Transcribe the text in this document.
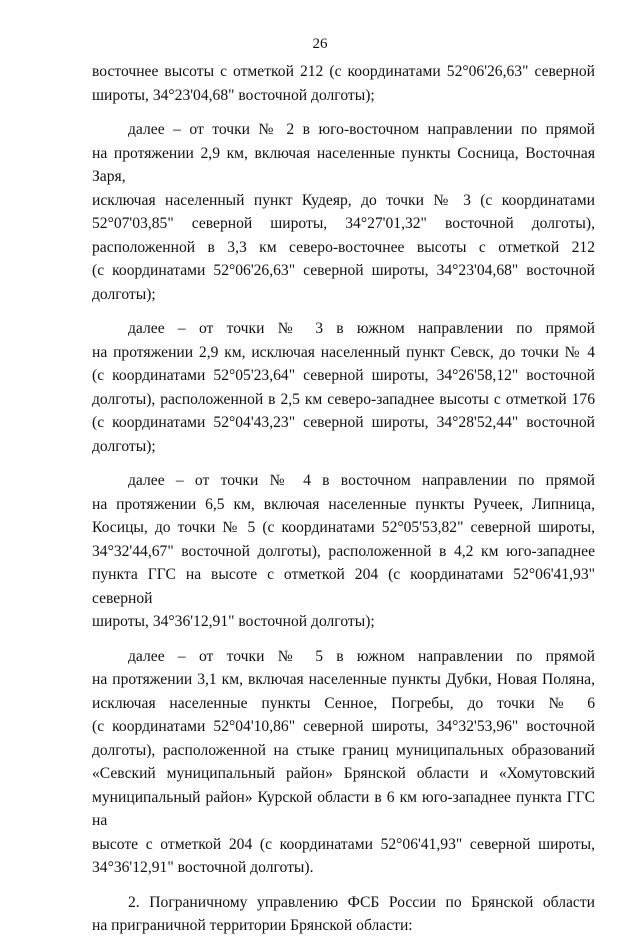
26

восточнее высоты с отметкой 212 (с координатами 52°06'26,63" северной
широты, 34°23'04,68" восточной долготы);

далее – от точки № 2 в юго-восточном направлении по прямой
на протяжении 2,9 км, включая населенные пункты Сосница, Восточная Заря,
исключая населенный пункт Кудеяр, до точки № 3 (с координатами
52°07'03,85" северной широты, 34°27'01,32" восточной долготы),
расположенной в 3,3 км северо-восточнее высоты с отметкой 212
(с координатами 52°06'26,63" северной широты, 34°23'04,68" восточной
долготы);

далее – от точки № 3 в южном направлении по прямой
на протяжении 2,9 км, исключая населенный пункт Севск, до точки № 4
(с координатами 52°05'23,64" северной широты, 34°26'58,12" восточной
долготы), расположенной в 2,5 км северо-западнее высоты с отметкой 176
(с координатами 52°04'43,23" северной широты, 34°28'52,44" восточной
долготы);

далее – от точки № 4 в восточном направлении по прямой
на протяжении 6,5 км, включая населенные пункты Ручеек, Липница,
Косицы, до точки № 5 (с координатами 52°05'53,82" северной широты,
34°32'44,67" восточной долготы), расположенной в 4,2 км юго-западнее
пункта ГГС на высоте с отметкой 204 (с координатами 52°06'41,93" северной
широты, 34°36'12,91" восточной долготы);

далее – от точки № 5 в южном направлении по прямой
на протяжении 3,1 км, включая населенные пункты Дубки, Новая Поляна,
исключая населенные пункты Сенное, Погребы, до точки № 6
(с координатами 52°04'10,86" северной широты, 34°32'53,96" восточной
долготы), расположенной на стыке границ муниципальных образований
«Севский муниципальный район» Брянской области и «Хомутовский
муниципальный район» Курской области в 6 км юго-западнее пункта ГГС на
высоте с отметкой 204 (с координатами 52°06'41,93" северной широты,
34°36'12,91" восточной долготы).

2. Пограничному управлению ФСБ России по Брянской области
на приграничной территории Брянской области:
